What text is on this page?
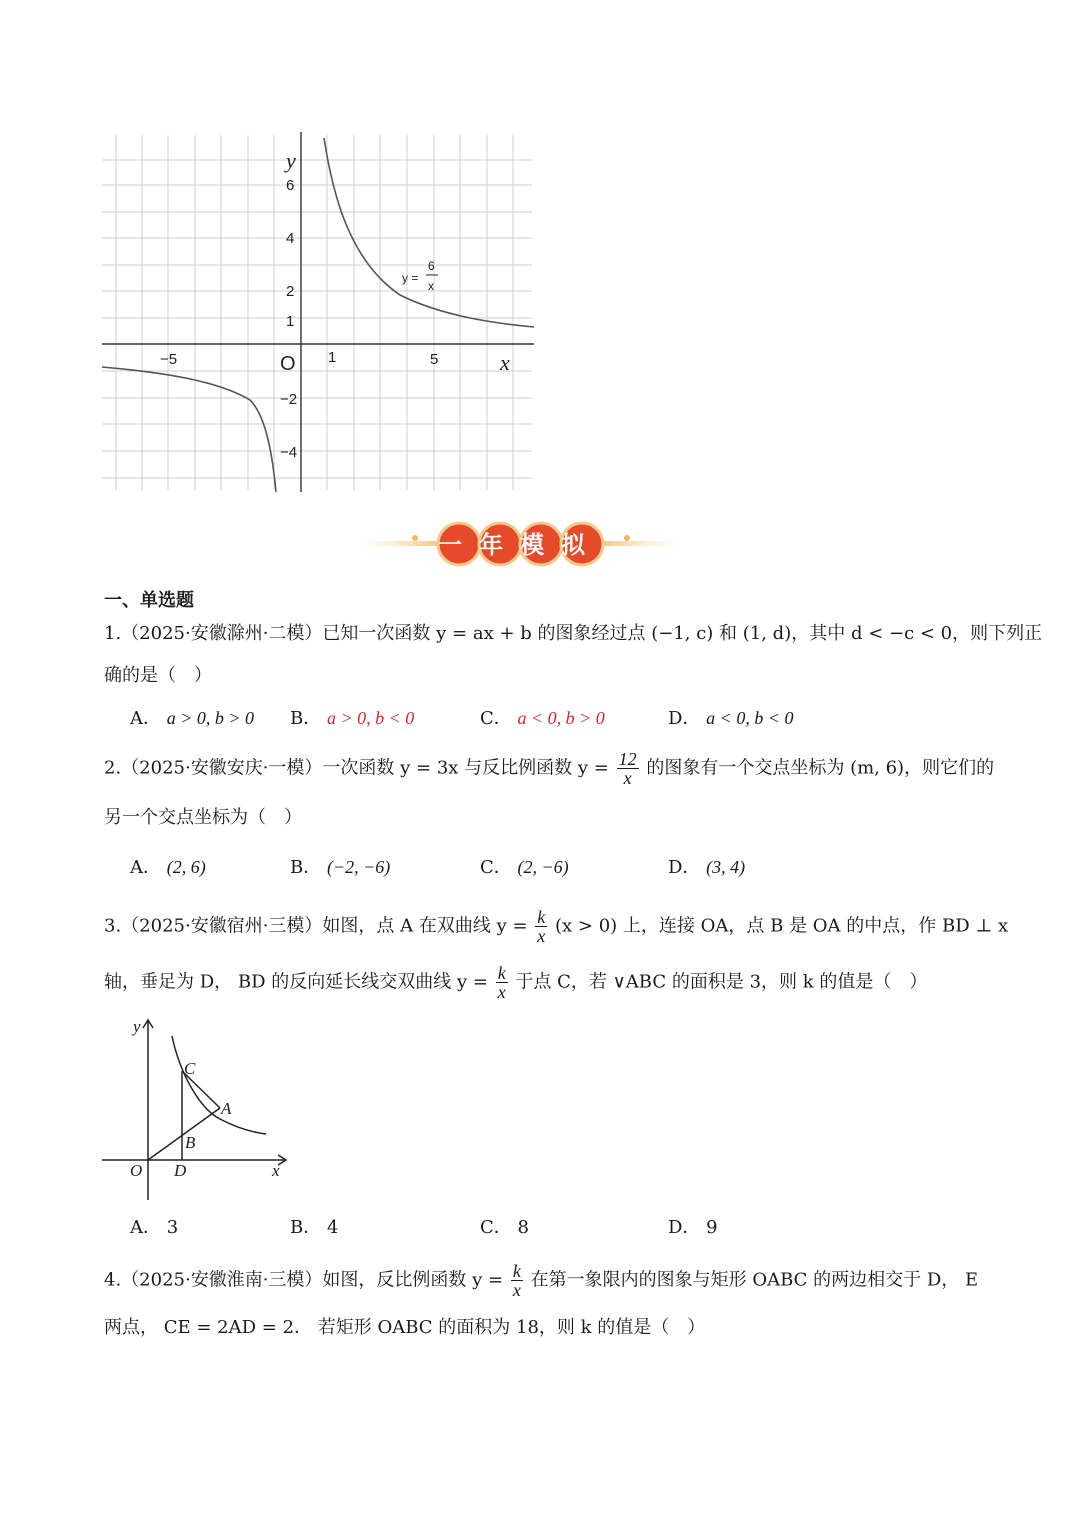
y
x
O
−5	1	5
6
4
2
1
−2
−4
y =
6
x
一年模拟
一、单选题
1.（2025·安徽滁州·二模）已知一次函数 y = ax + b 的图象经过点 (−1, c) 和 (1, d)，其中 d < −c < 0，则下列正
确的是（　）
A． a > 0, b > 0 B． a > 0, b < 0	C． a < 0, b > 0	D． a < 0, b < 0
2.（2025·安徽安庆·一模）一次函数 y = 3x 与反比例函数 $y = \frac{12}{x}$ 的图象有一个交点坐标为 (m, 6)，则它们的
另一个交点坐标为（　）
A． (2, 6)	B． (−2, −6)	C． (2, −6)	D． (3, 4)
3.（2025·安徽宿州·三模）如图，点 A 在双曲线 $y = \frac{k}{x} (x > 0)$ 上，连接 OA，点 B 是 OA 的中点，作 BD ⊥ x
轴，垂足为 D， BD 的反向延长线交双曲线 $y = \frac{k}{x}$ 于点 C，若 ∨ABC 的面积是 3，则 k 的值是（　）
y
x
O D
B
A
C
A． 3	B． 4	C． 8	D． 9
4.（2025·安徽淮南·三模）如图，反比例函数 $y = \frac{k}{x}$ 在第一象限内的图象与矩形 OABC 的两边相交于 D， E
两点， CE = 2AD = 2． 若矩形 OABC 的面积为 18，则 k 的值是（　）
